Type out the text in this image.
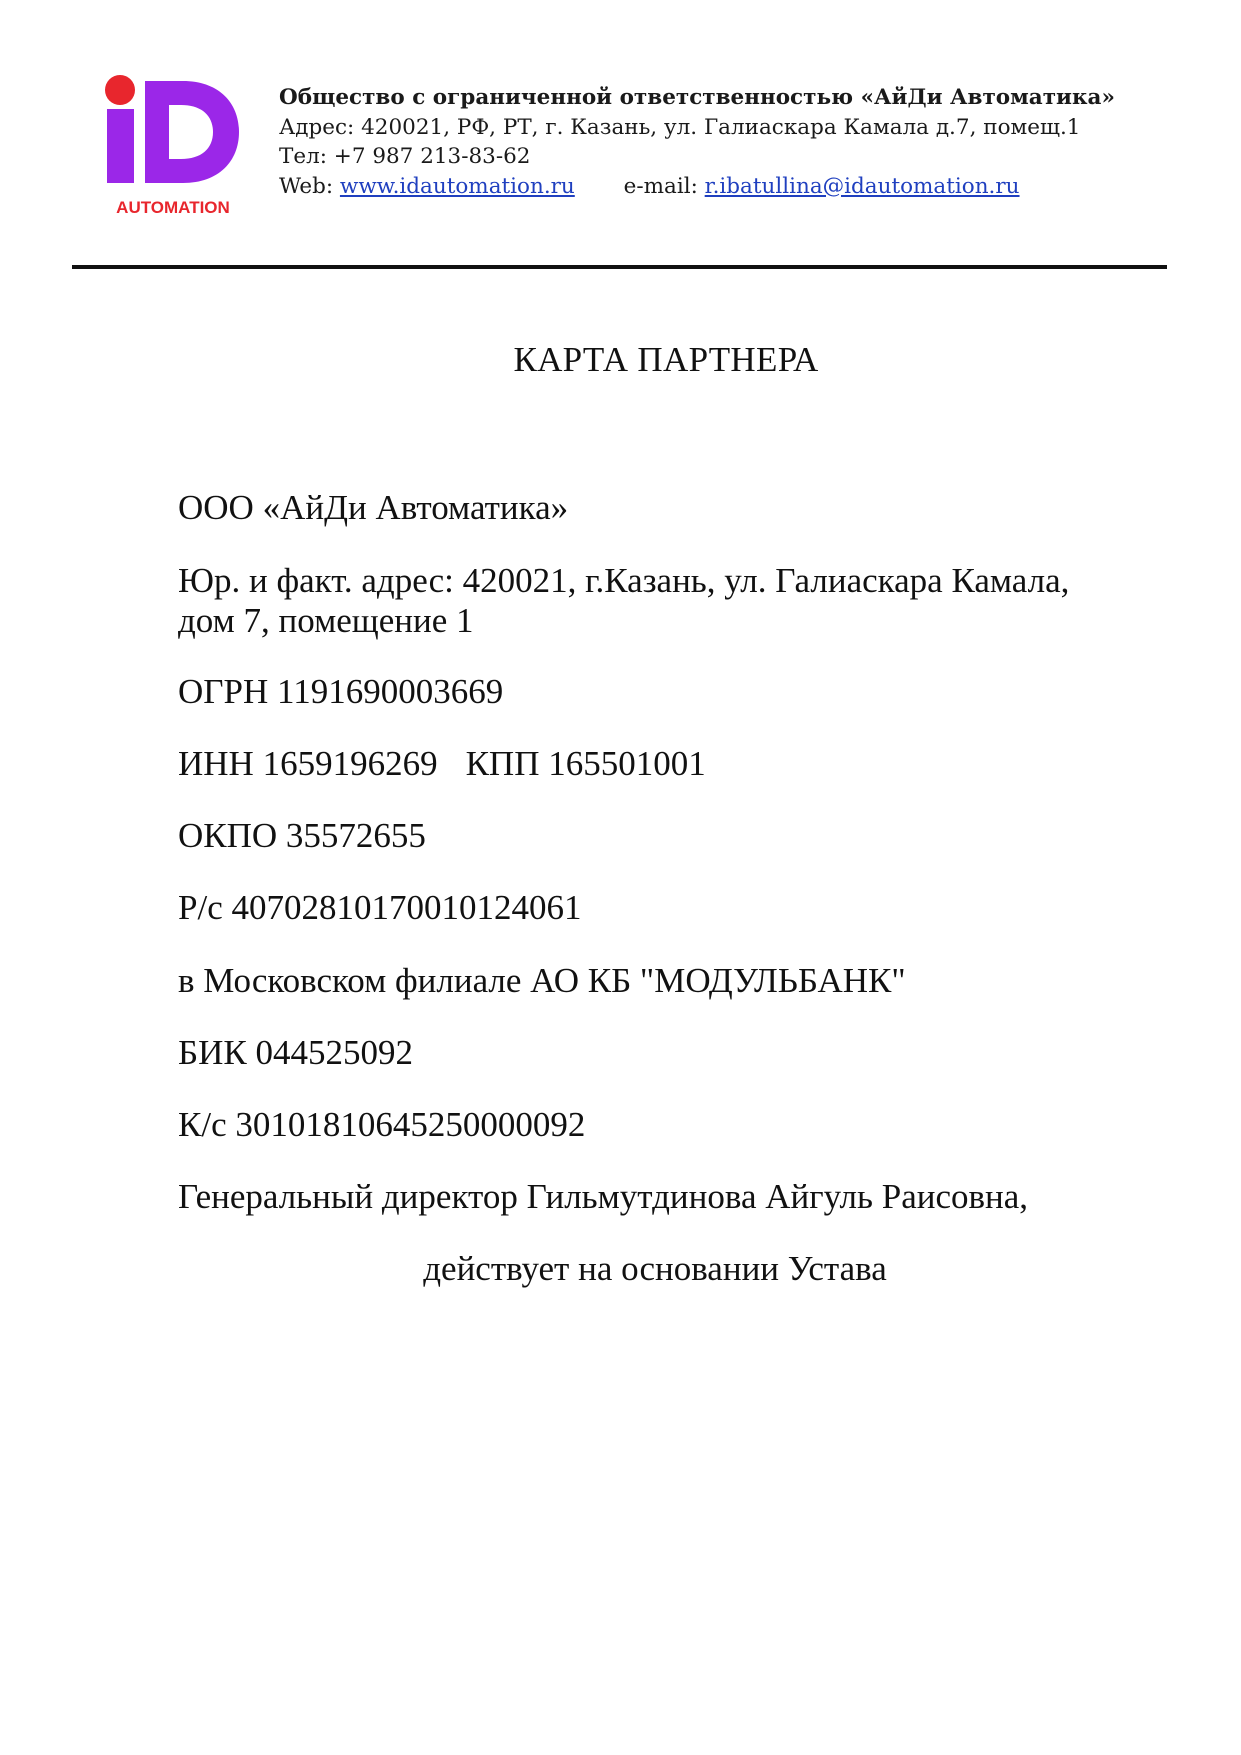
AUTOMATION
Общество с ограниченной ответственностью «АйДи Автоматика»
Адрес: 420021, РФ, РТ, г. Казань, ул. Галиаскара Камала д.7, помещ.1
Тел: +7 987 213-83-62
Web: www.idautomation.ru e-mail: r.ibatullina@idautomation.ru
КАРТА ПАРТНЕРА
ООО «АйДи Автоматика»
Юр. и факт. адрес: 420021, г.Казань, ул. Галиаскара Камала,
дом 7, помещение 1
ОГРН 1191690003669
ИНН 1659196269 КПП 165501001
ОКПО 35572655
Р/с 40702810170010124061
в Московском филиале АО КБ "МОДУЛЬБАНК"
БИК 044525092
К/с 30101810645250000092
Генеральный директор Гильмутдинова Айгуль Раисовна,
действует на основании Устава
